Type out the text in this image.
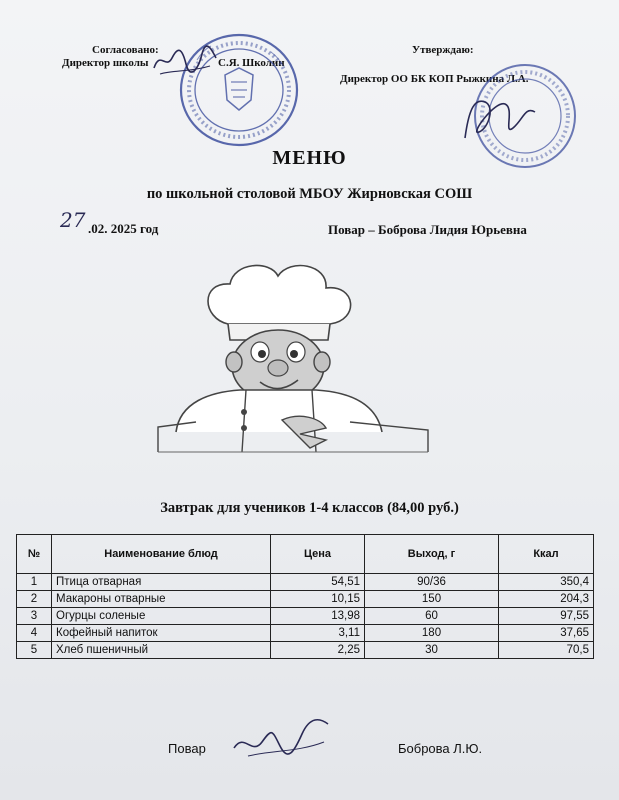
Согласовано:
Директор школы	С.Я. Школин
Утверждаю:
Директор ОО БК КОП Рыжкина Л.А.
МЕНЮ
по школьной столовой МБОУ Жирновская СОШ
27 .02. 2025 год	Повар – Боброва Лидия Юрьевна
Завтрак для учеников 1-4 классов (84,00 руб.)
№	Наименование блюд	Цена	Выход, г	Ккал
1	Птица отварная	54,51	90/36	350,4
2	Макароны отварные	10,15	150	204,3
3	Огурцы соленые	13,98	60	97,55
4	Кофейный напиток	3,11	180	37,65
5	Хлеб пшеничный	2,25	30	70,5
Повар	Боброва Л.Ю.
